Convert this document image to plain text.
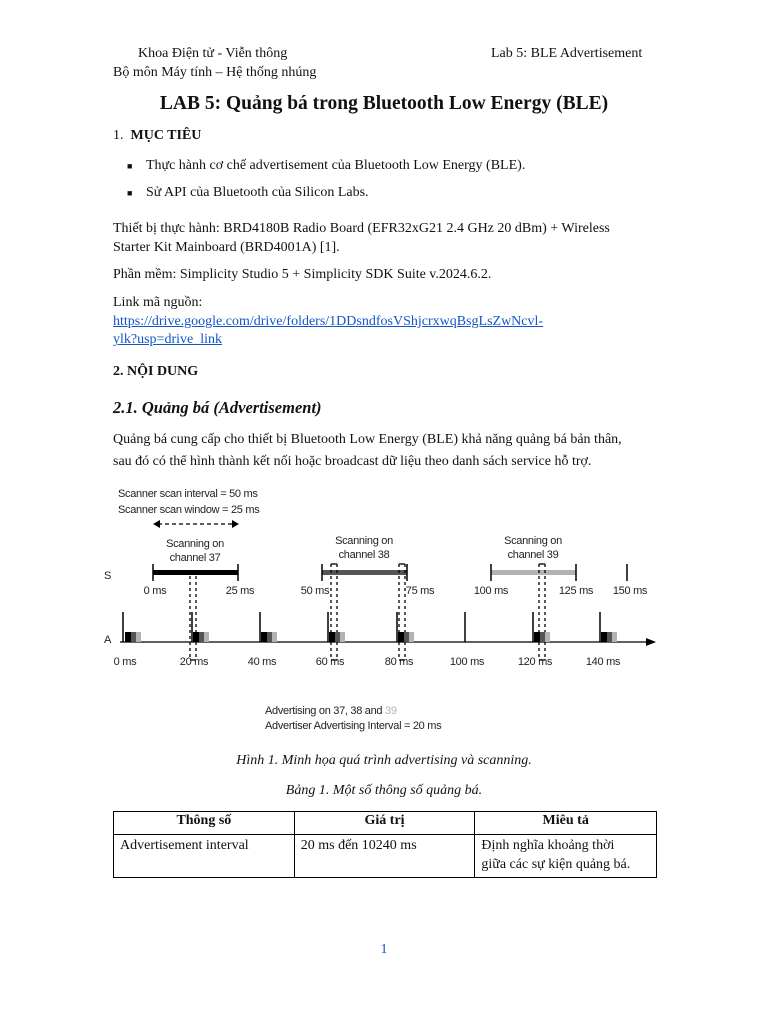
Khoa Điện tử - Viễn thông	Lab 5: BLE Advertisement
Bộ môn Máy tính – Hệ thống nhúng
LAB 5: Quảng bá trong Bluetooth Low Energy (BLE)
1. MỤC TIÊU
■ Thực hành cơ chế advertisement của Bluetooth Low Energy (BLE).
■ Sử API của Bluetooth của Silicon Labs.
Thiết bị thực hành: BRD4180B Radio Board (EFR32xG21 2.4 GHz 20 dBm) + Wireless
Starter Kit Mainboard (BRD4001A) [1].
Phần mềm: Simplicity Studio 5 + Simplicity SDK Suite v.2024.6.2.
Link mã nguồn:
https://drive.google.com/drive/folders/1DDsndfosVShjcrxwqBsgLsZwNcvl-
ylk?usp=drive_link
2. NỘI DUNG
2.1. Quảng bá (Advertisement)
Quảng bá cung cấp cho thiết bị Bluetooth Low Energy (BLE) khả năng quảng bá bản thân,
sau đó có thể hình thành kết nối hoặc broadcast dữ liệu theo danh sách service hỗ trợ.
Scanner scan interval = 50 ms
Scanner scan window = 25 ms
Scanning on
channel 37
Scanning on
channel 38
Scanning on
channel 39
S
A
0 ms	25 ms	50 ms	75 ms	100 ms	125 ms 150 ms
0 ms	20 ms	40 ms	60 ms	80 ms	100 ms	120 ms	140 ms
Advertising on 37, 38 and 39
Advertiser Advertising Interval = 20 ms
Hình 1. Minh họa quá trình advertising và scanning.
Bảng 1. Một số thông số quảng bá.
Thông số	Giá trị	Miêu tả
Advertisement interval	20 ms đến 10240 ms	Định nghĩa khoảng thời
giữa các sự kiện quảng bá.
1
